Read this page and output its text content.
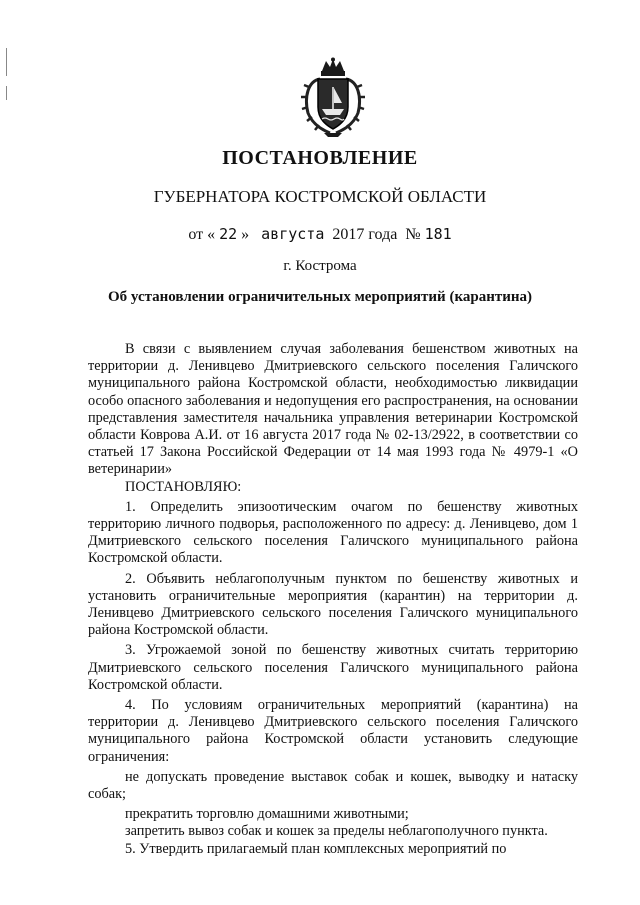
ПОСТАНОВЛЕНИЕ
ГУБЕРНАТОРА КОСТРОМСКОЙ ОБЛАСТИ
от « 22 » августа 2017 года № 181
г. Кострома
Об установлении ограничительных мероприятий (карантина)

В связи с выявлением случая заболевания бешенством животных на территории д. Ленивцево Дмитриевского сельского поселения Галичского муниципального района Костромской области, необходимостью ликвидации особо опасного заболевания и недопущения его распространения, на основании представления заместителя начальника управления ветеринарии Костромской области Коврова А.И. от 16 августа 2017 года № 02-13/2922, в соответствии со статьей 17 Закона Российской Федерации от 14 мая 1993 года № 4979-1 «О ветеринарии»

ПОСТАНОВЛЯЮ:

1. Определить эпизоотическим очагом по бешенству животных территорию личного подворья, расположенного по адресу: д. Ленивцево, дом 1 Дмитриевского сельского поселения Галичского муниципального района Костромской области.

2. Объявить неблагополучным пунктом по бешенству животных и установить ограничительные мероприятия (карантин) на территории д. Ленивцево Дмитриевского сельского поселения Галичского муниципального района Костромской области.

3. Угрожаемой зоной по бешенству животных считать территорию Дмитриевского сельского поселения Галичского муниципального района Костромской области.

4. По условиям ограничительных мероприятий (карантина) на территории д. Ленивцево Дмитриевского сельского поселения Галичского муниципального района Костромской области установить следующие ограничения:

не допускать проведение выставок собак и кошек, выводку и натаску собак;

прекратить торговлю домашними животными;

запретить вывоз собак и кошек за пределы неблагополучного пункта.

5. Утвердить прилагаемый план комплексных мероприятий по
